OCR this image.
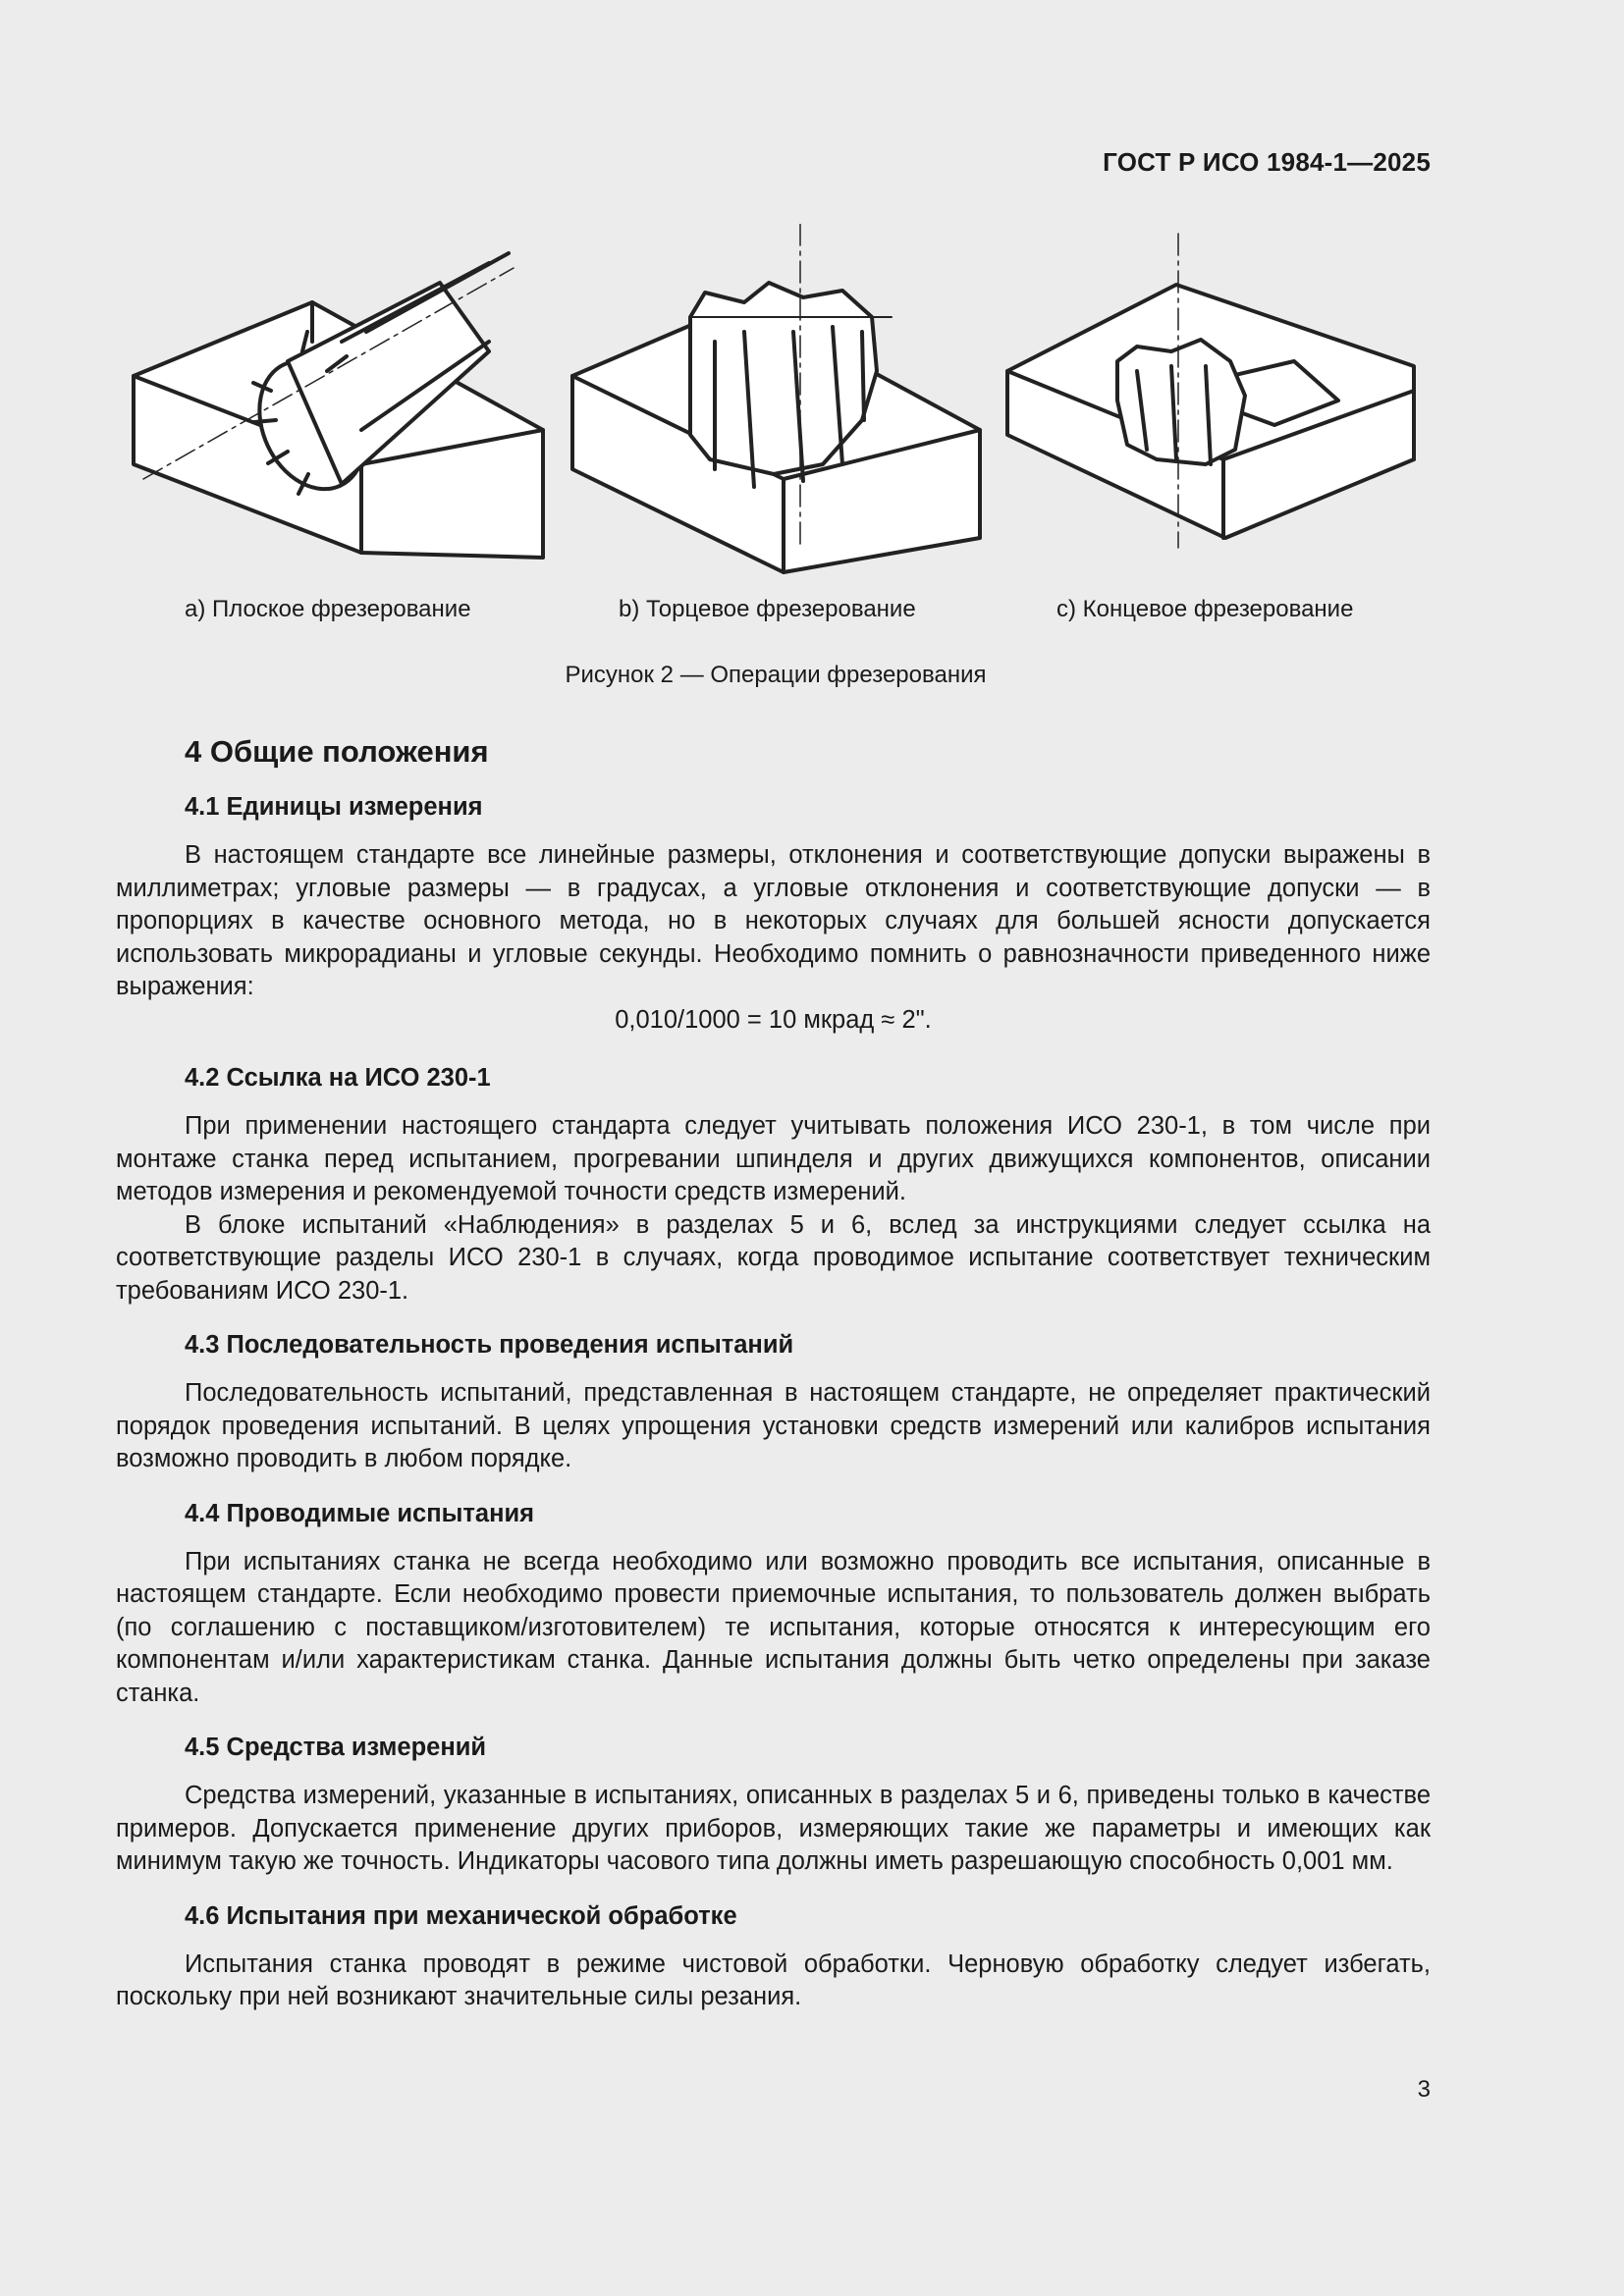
ГОСТ Р ИСО 1984-1—2025
a) Плоское фрезерование	b) Торцевое фрезерование	c) Концевое фрезерование
Рисунок 2 — Операции фрезерования
4 Общие положения
4.1 Единицы измерения

В настоящем стандарте все линейные размеры, отклонения и соответствующие допуски выражены в миллиметрах; угловые размеры — в градусах, а угловые отклонения и соответствующие допуски — в пропорциях в качестве основного метода, но в некоторых случаях для большей ясности допускается использовать микрорадианы и угловые секунды. Необходимо помнить о равнозначности приведенного ниже выражения:

0,010/1000 = 10 мкрад ≈ 2".
4.2 Ссылка на ИСО 230-1

При применении настоящего стандарта следует учитывать положения ИСО 230-1, в том числе при монтаже станка перед испытанием, прогревании шпинделя и других движущихся компонентов, описании методов измерения и рекомендуемой точности средств измерений.

В блоке испытаний «Наблюдения» в разделах 5 и 6, вслед за инструкциями следует ссылка на соответствующие разделы ИСО 230-1 в случаях, когда проводимое испытание соответствует техническим требованиям ИСО 230-1.

4.3 Последовательность проведения испытаний

Последовательность испытаний, представленная в настоящем стандарте, не определяет практический порядок проведения испытаний. В целях упрощения установки средств измерений или калибров испытания возможно проводить в любом порядке.

4.4 Проводимые испытания

При испытаниях станка не всегда необходимо или возможно проводить все испытания, описанные в настоящем стандарте. Если необходимо провести приемочные испытания, то пользователь должен выбрать (по соглашению с поставщиком/изготовителем) те испытания, которые относятся к интересующим его компонентам и/или характеристикам станка. Данные испытания должны быть четко определены при заказе станка.

4.5 Средства измерений

Средства измерений, указанные в испытаниях, описанных в разделах 5 и 6, приведены только в качестве примеров. Допускается применение других приборов, измеряющих такие же параметры и имеющих как минимум такую же точность. Индикаторы часового типа должны иметь разрешающую способность 0,001 мм.

4.6 Испытания при механической обработке

Испытания станка проводят в режиме чистовой обработки. Черновую обработку следует избегать, поскольку при ней возникают значительные силы резания.

3
